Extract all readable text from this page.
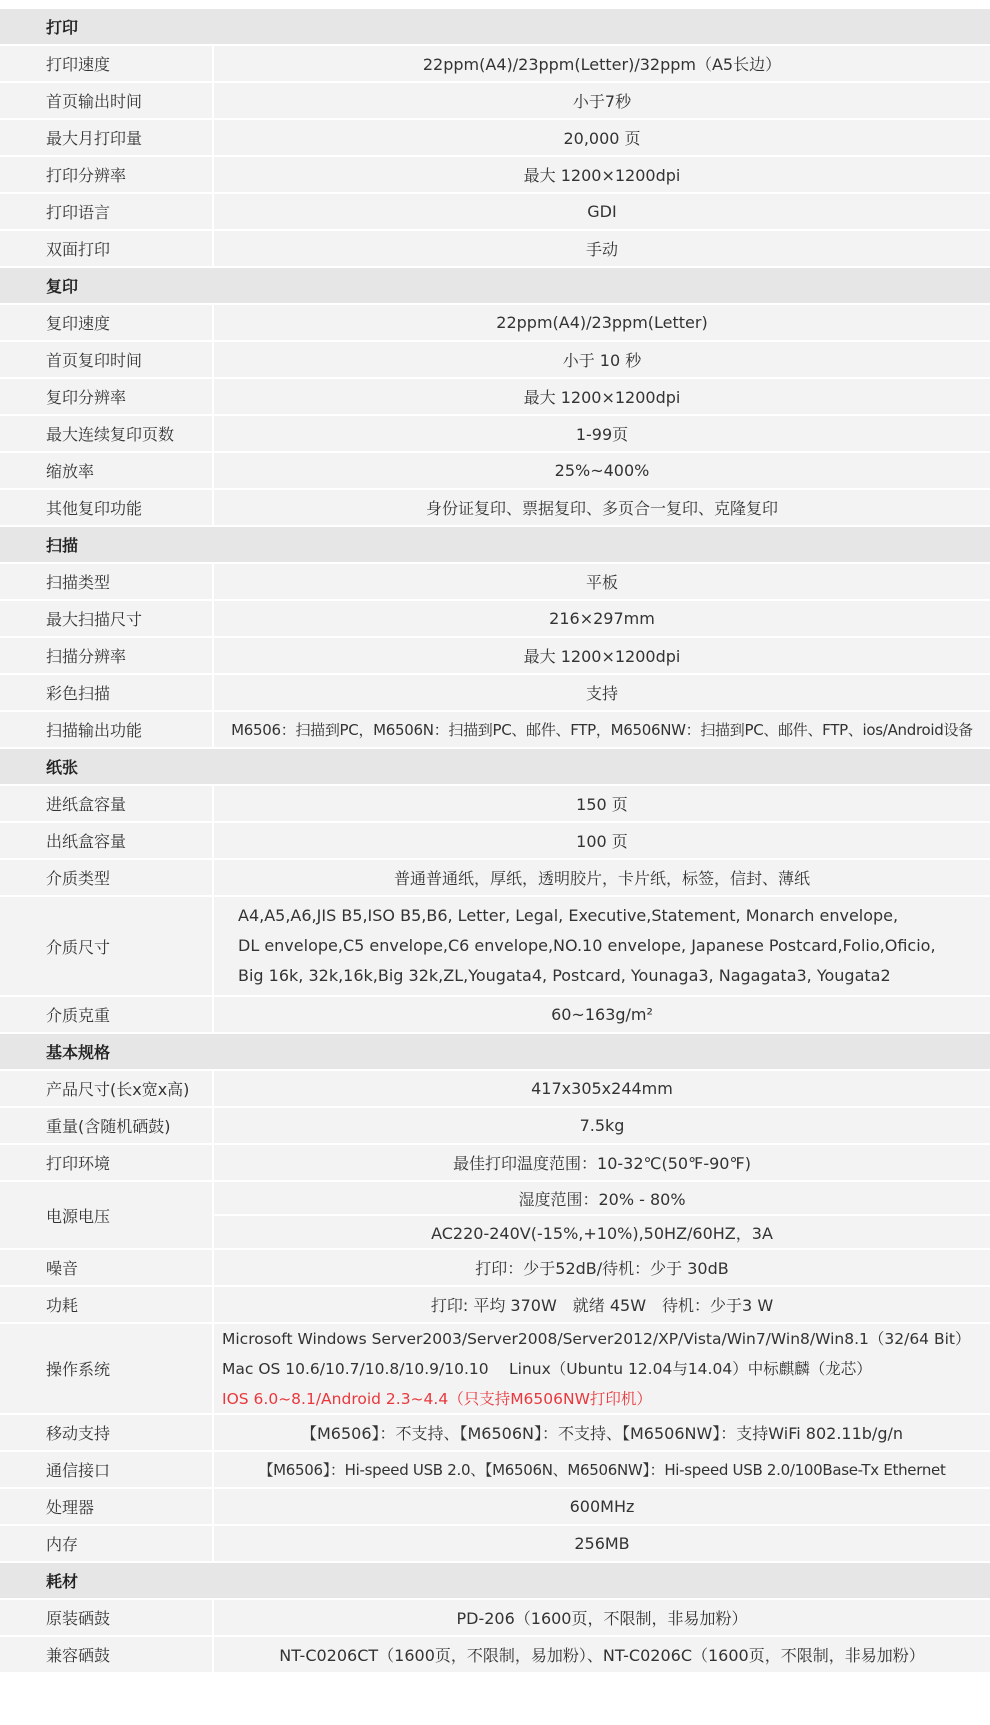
打印
打印速度	22ppm(A4)/23ppm(Letter)/32ppm（A5长边）
首页输出时间	小于7秒
最大月打印量	20,000 页
打印分辨率	最大 1200×1200dpi
打印语言	GDI
双面打印	手动
复印
复印速度	22ppm(A4)/23ppm(Letter)
首页复印时间	小于 10 秒
复印分辨率	最大 1200×1200dpi
最大连续复印页数	1-99页
缩放率	25%~400%
其他复印功能	身份证复印、票据复印、多页合一复印、克隆复印
扫描
扫描类型	平板
最大扫描尺寸	216×297mm
扫描分辨率	最大 1200×1200dpi
彩色扫描	支持
扫描输出功能	M6506：扫描到PC，M6506N：扫描到PC、邮件、FTP，M6506NW：扫描到PC、邮件、FTP、ios/Android设备
纸张
进纸盒容量	150 页
出纸盒容量	100 页
介质类型	普通普通纸，厚纸，透明胶片，卡片纸，标签，信封、薄纸
介质尺寸
A4,A5,A6,JIS B5,ISO B5,B6, Letter, Legal, Executive,Statement, Monarch envelope,
DL envelope,C5 envelope,C6 envelope,NO.10 envelope, Japanese Postcard,Folio,Oficio,
Big 16k, 32k,16k,Big 32k,ZL,Yougata4, Postcard, Younaga3, Nagagata3, Yougata2
介质克重	60~163g/m²
基本规格
产品尺寸(长x宽x高)	417x305x244mm
重量(含随机硒鼓)	7.5kg
打印环境	最佳打印温度范围：10-32℃(50℉-90℉)
电源电压
湿度范围：20% - 80%
AC220-240V(-15%,+10%),50HZ/60HZ，3A
噪音	打印：少于52dB/待机：少于 30dB
功耗	打印: 平均 370W　就绪 45W　待机：少于3 W
操作系统
Microsoft Windows Server2003/Server2008/Server2012/XP/Vista/Win7/Win8/Win8.1（32/64 Bit）
Mac OS 10.6/10.7/10.8/10.9/10.10　 Linux（Ubuntu 12.04与14.04）中标麒麟（龙芯）
IOS 6.0~8.1/Android 2.3~4.4（只支持M6506NW打印机）
移动支持	【M6506】：不支持、【M6506N】：不支持、【M6506NW】：支持WiFi 802.11b/g/n
通信接口	【M6506】：Hi-speed USB 2.0、【M6506N、M6506NW】：Hi-speed USB 2.0/100Base-Tx Ethernet
处理器	600MHz
内存	256MB
耗材
原装硒鼓	PD-206（1600页，不限制，非易加粉）
兼容硒鼓	NT-C0206CT（1600页，不限制，易加粉）、NT-C0206C（1600页，不限制，非易加粉）
